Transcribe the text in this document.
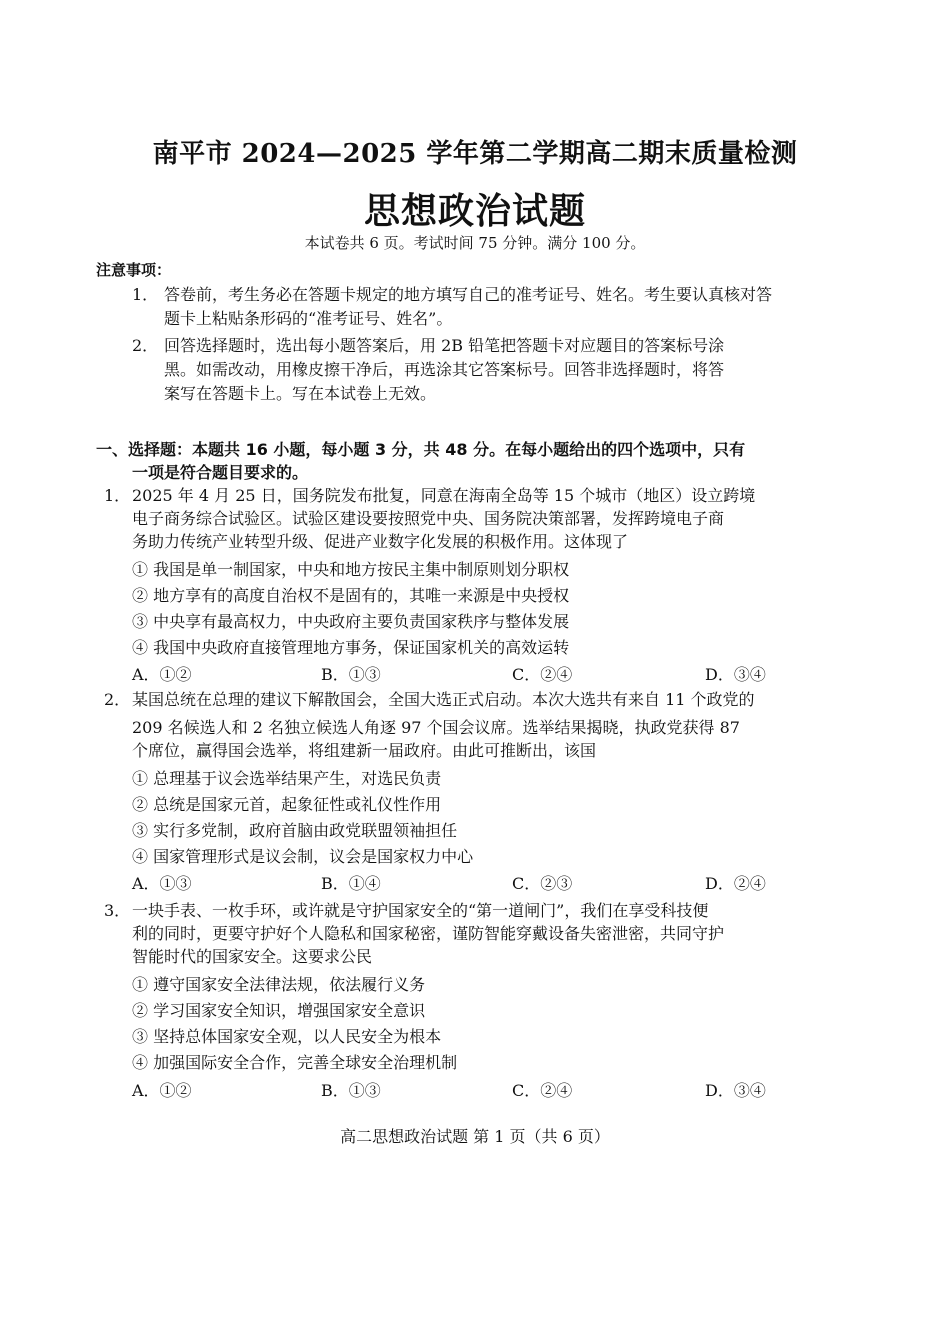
南平市 2024—2025 学年第二学期高二期末质量检测
思想政治试题
本试卷共 6 页。考试时间 75 分钟。满分 100 分。
注意事项：
1． 答卷前，考生务必在答题卡规定的地方填写自己的准考证号、姓名。考生要认真核对答
题卡上粘贴条形码的“准考证号、姓名”。
2． 回答选择题时，选出每小题答案后，用 2B 铅笔把答题卡对应题目的答案标号涂
黑。如需改动，用橡皮擦干净后，再选涂其它答案标号。回答非选择题时，将答
案写在答题卡上。写在本试卷上无效。
一、选择题：本题共 16 小题，每小题 3 分，共 48 分。在每小题给出的四个选项中，只有
一项是符合题目要求的。
1． 2025 年 4 月 25 日，国务院发布批复，同意在海南全岛等 15 个城市（地区）设立跨境
电子商务综合试验区。试验区建设要按照党中央、国务院决策部署，发挥跨境电子商
务助力传统产业转型升级、促进产业数字化发展的积极作用。这体现了
① 我国是单一制国家，中央和地方按民主集中制原则划分职权
② 地方享有的高度自治权不是固有的，其唯一来源是中央授权
③ 中央享有最高权力，中央政府主要负责国家秩序与整体发展
④ 我国中央政府直接管理地方事务，保证国家机关的高效运转
A．①②	B．①③	C．②④	D．③④
2． 某国总统在总理的建议下解散国会，全国大选正式启动。本次大选共有来自 11 个政党的
209 名候选人和 2 名独立候选人角逐 97 个国会议席。选举结果揭晓，执政党获得 87
个席位，赢得国会选举，将组建新一届政府。由此可推断出，该国
① 总理基于议会选举结果产生，对选民负责
② 总统是国家元首，起象征性或礼仪性作用
③ 实行多党制，政府首脑由政党联盟领袖担任
④ 国家管理形式是议会制，议会是国家权力中心
A．①③	B．①④	C．②③	D．②④
3． 一块手表、一枚手环，或许就是守护国家安全的“第一道闸门”，我们在享受科技便
利的同时，更要守护好个人隐私和国家秘密，谨防智能穿戴设备失密泄密，共同守护
智能时代的国家安全。这要求公民
① 遵守国家安全法律法规，依法履行义务
② 学习国家安全知识，增强国家安全意识
③ 坚持总体国家安全观，以人民安全为根本
④ 加强国际安全合作，完善全球安全治理机制
A．①②	B．①③	C．②④	D．③④
高二思想政治试题 第 1 页（共 6 页）
